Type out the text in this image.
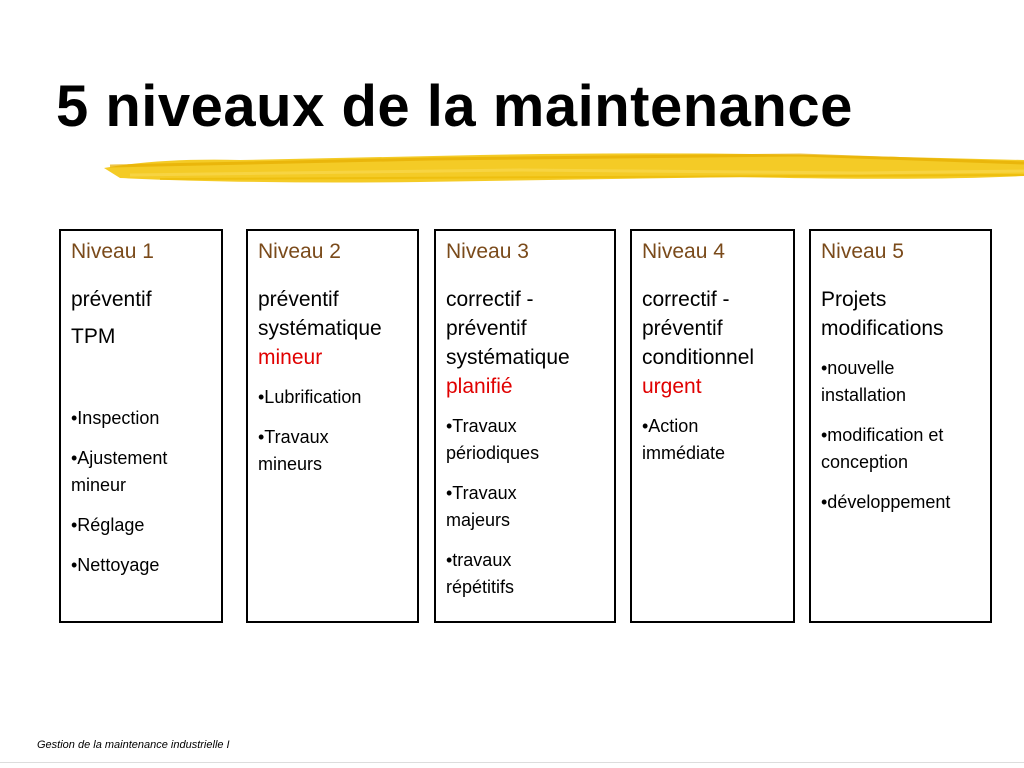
5 niveaux de la maintenance
Niveau 1
préventif
TPM
•Inspection
•Ajustement mineur
•Réglage
•Nettoyage
Niveau 2
préventif
systématique
mineur
•Lubrification
•Travaux mineurs
Niveau 3
correctif -
préventif
systématique
planifié
•Travaux périodiques
•Travaux majeurs
•travaux répétitifs
Niveau 4
correctif -
préventif
conditionnel
urgent
•Action immédiate
Niveau 5
Projets
modifications
•nouvelle installation
•modification et conception
•développement
Gestion de la maintenance industrielle I
